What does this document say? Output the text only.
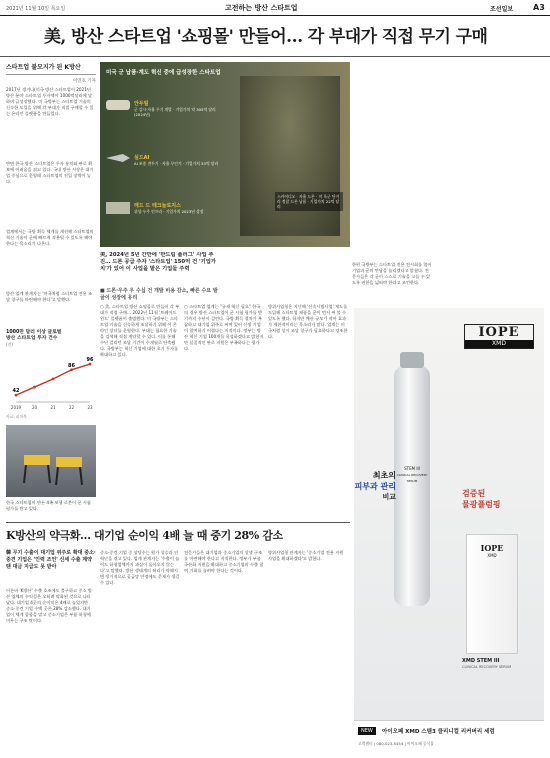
2021년 11월 10일 목요일	고전하는 방산 스타트업	조선일보 A3
美, 방산 스타트업 '쇼핑몰' 만들어… 각 부대가 직접 무기 구매
스타트업 불모지가 된 K방산
이연호 기자
2017년 생겨나(미국 방산 스타트업이 2021년 방산 분야 스타트업 투자액이 1000억달러에 달하며 급성장했다. 미 국방부는 스타트업 기술의 신속한 도입을 위해 각 부대가 직접 구매할 수 있는 온라인 플랫폼을 만들었다.
반면 한국 방산 스타트업은 투자 유치와 판로 확보에 어려움을 겪고 있다. 국내 방산 시장은 대기업 중심으로 운영돼 스타트업의 진입 장벽이 높다.
업계에서는 국방 획득 체계를 개선해 스타트업의 혁신 기술이 군에 빠르게 적용될 수 있도록 해야 한다는 목소리가 나온다.
방산 업계 관계자는 '미국처럼 스타트업 전용 조달 창구를 마련해야 한다'고 말했다.
1000만 달러 이상 글로벌 방산 스타트업 투자 건수
(건)
2019
42
20	21	22
86
23
96
자료: 피치북
한국 스타트업이 만든 4족 보행 로봇이 군 시험 평가를 받고 있다.
미국 군 납품·계도 혁신 중에 급성장한 스타트업
안두릴
군 감시·자율 무기 개발 · 기업가치 약 305억 달러 (2024년)
실드AI
AI 조종 전투기 · 자율 무인기 · 기업가치 53억 달러
레드 드 테크놀로지스
위성·우주 인프라 · 기업가치 2023년 상장
스카이디오 · 자율 드론 · 미 육군 단거리 정찰 드론 납품 · 기업가치 22억 달러
美, 2024년 5년 간만에 '반드림 플러그' 사업 추진… 드론 공급 주자 '스타트업' 150억 건 '기업가치'가 있어 이 사업을 맡은 기업들 주력
■ 드론·우주 우 수십 건 개발 비용 감소, 빠른 수요 발굴이 성장에 유리
○ 美, 스타트업 방산 쇼핑몰로 만들어 각 부대가 직접 구매… 2022년 11월 '트레이드윈드' 플랫폼이 출범했다. 미 국방부는 스타트업 기술을 신속하게 조달하기 위해 이 온라인 장터를 운영한다. 부대는 필요한 기술을 검색해 직접 계약할 수 있다. 이를 통해 수년 걸리던 조달 기간이 수개월로 단축됐다. 국방부는 혁신 기업에 대한 초기 투자를 확대하고 있다.
○ 스타트업 업계는 "규제 혁신 필요" 한국의 경우 방산 스타트업이 군 시험 평가를 받기까지 수년이 걸린다. 국방 획득 절차가 복잡하고 대기업 위주로 짜여 있어 신생 기업이 참여하기 어렵다는 지적이다. 정부는 방산 혁신 기업 100개를 육성하겠다고 밝혔지만 실질적인 판로 지원은 부족하다는 평가다.
방위사업청은 지난해 '신속시범사업' 제도를 도입해 스타트업 제품을 군이 먼저 써 볼 수 있도록 했다. 하지만 예산 규모가 작아 효과가 제한적이라는 목소리가 많다. 업계는 미국처럼 상시 조달 창구가 필요하다고 강조한다.
한편 국방부는 스타트업 전용 전시회를 열어 기업과 군의 만남을 늘리겠다고 밝혔다. 전문가들은 각 군이 스스로 기술을 고를 수 있도록 권한을 넓혀야 한다고 조언한다.
K방산의 약극화… 대기업 순이익 4배 늘 때 중기 28% 감소
韓 무기 수출이 대기업 위주로 확대 중소·중견 기업은 '인력 조언' 신세 수출 계약 땐 대금 지급도 못 받아
이른바 'K방산' 수출 호조에도 불구하고 중소 방산 업체의 수익성은 오히려 악화된 것으로 나타났다. 대기업 4곳의 순이익은 4배로 늘었지만 중소·중견 기업 수백 곳은 28% 감소했다. 대기업이 체계 종합을 맡고 중소기업은 부품 하청에 머무는 구조 탓이다.
중소·중견 기업 중 상당수는 원가 상승과 인력난을 겪고 있다. 업계 관계자는 '수출이 늘어도 하청업체까지 과실이 돌아오지 않는다'고 말했다. 방산 생태계의 허리가 약해지면 장기적으로 공급망 안정에도 문제가 생길 수 있다.
전문가들은 대기업과 중소기업의 상생 구조를 마련해야 한다고 지적한다. 정부가 부품 국산화 지원을 확대하고 중소기업의 수출 참여 기회를 늘려야 한다는 것이다.
방위사업청 관계자는 '중소기업 전용 지원 사업을 확대하겠다'고 밝혔다.
IOPE
XMD
STEM III
CLINICAL RECOVERY
SERUM
최초의
피부과 관리
비교	검증된
물광플럼핑
IOPE
XMD
XMD STEM III
CLINICAL RECOVERY SERUM
NEW	아이오페 XMD 스템3 클리니컬 리커버리 세럼
고객센터 | 080-023-5454 | 아이오페 공식몰
